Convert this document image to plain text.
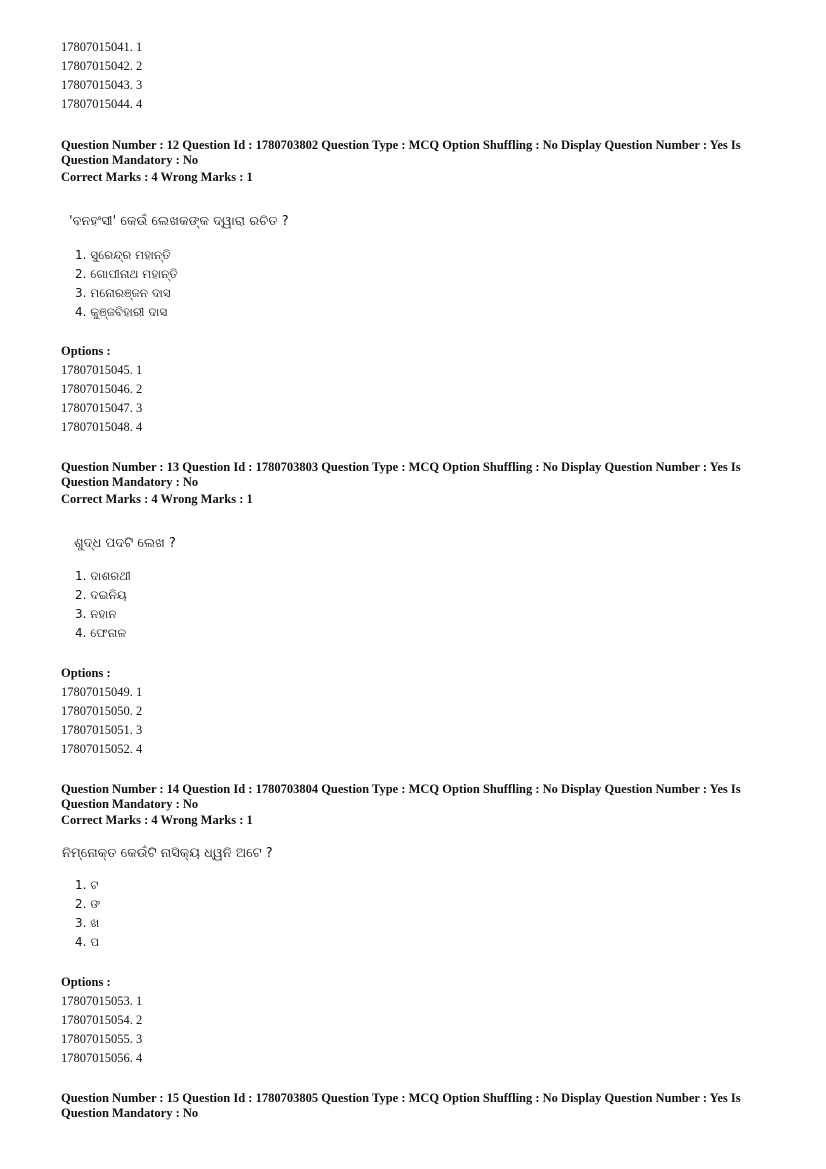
17807015041. 1
17807015042. 2
17807015043. 3
17807015044. 4
Question Number : 12 Question Id : 1780703802 Question Type : MCQ Option Shuffling : No Display Question Number : Yes Is Question Mandatory : No
Correct Marks : 4 Wrong Marks : 1
'ବନହଂସୀ' କେଉଁ ଲେଖକଙ୍କ ଦ୍ୱାରା ରଚିତ ?
1. ସୁରେନ୍ଦ୍ର ମହାନ୍ତି
2. ଗୋପୀନାଥ ମହାନ୍ତି
3. ମନୋରଞ୍ଜନ ଦାସ
4. କୁଞ୍ଜବିହାରୀ ଦାସ
Options :
17807015045. 1
17807015046. 2
17807015047. 3
17807015048. 4
Question Number : 13 Question Id : 1780703803 Question Type : MCQ Option Shuffling : No Display Question Number : Yes Is Question Mandatory : No
Correct Marks : 4 Wrong Marks : 1
ଶୁଦ୍ଧ ପଦଟି ଲେଖ ?
1. ଦାଶରଥୀ
2. ଦଇନିୟ
3. ନହାନ
4. ଫେନାଳ
Options :
17807015049. 1
17807015050. 2
17807015051. 3
17807015052. 4
Question Number : 14 Question Id : 1780703804 Question Type : MCQ Option Shuffling : No Display Question Number : Yes Is Question Mandatory : No
Correct Marks : 4 Wrong Marks : 1
ନିମ୍ନୋକ୍ତ କେଉଁଟି ନାସିକ୍ୟ ଧ୍ୱନି ଅଟେ ?
1. ଟ
2. ଙ
3. ଖ
4. ପ
Options :
17807015053. 1
17807015054. 2
17807015055. 3
17807015056. 4
Question Number : 15 Question Id : 1780703805 Question Type : MCQ Option Shuffling : No Display Question Number : Yes Is Question Mandatory : No
